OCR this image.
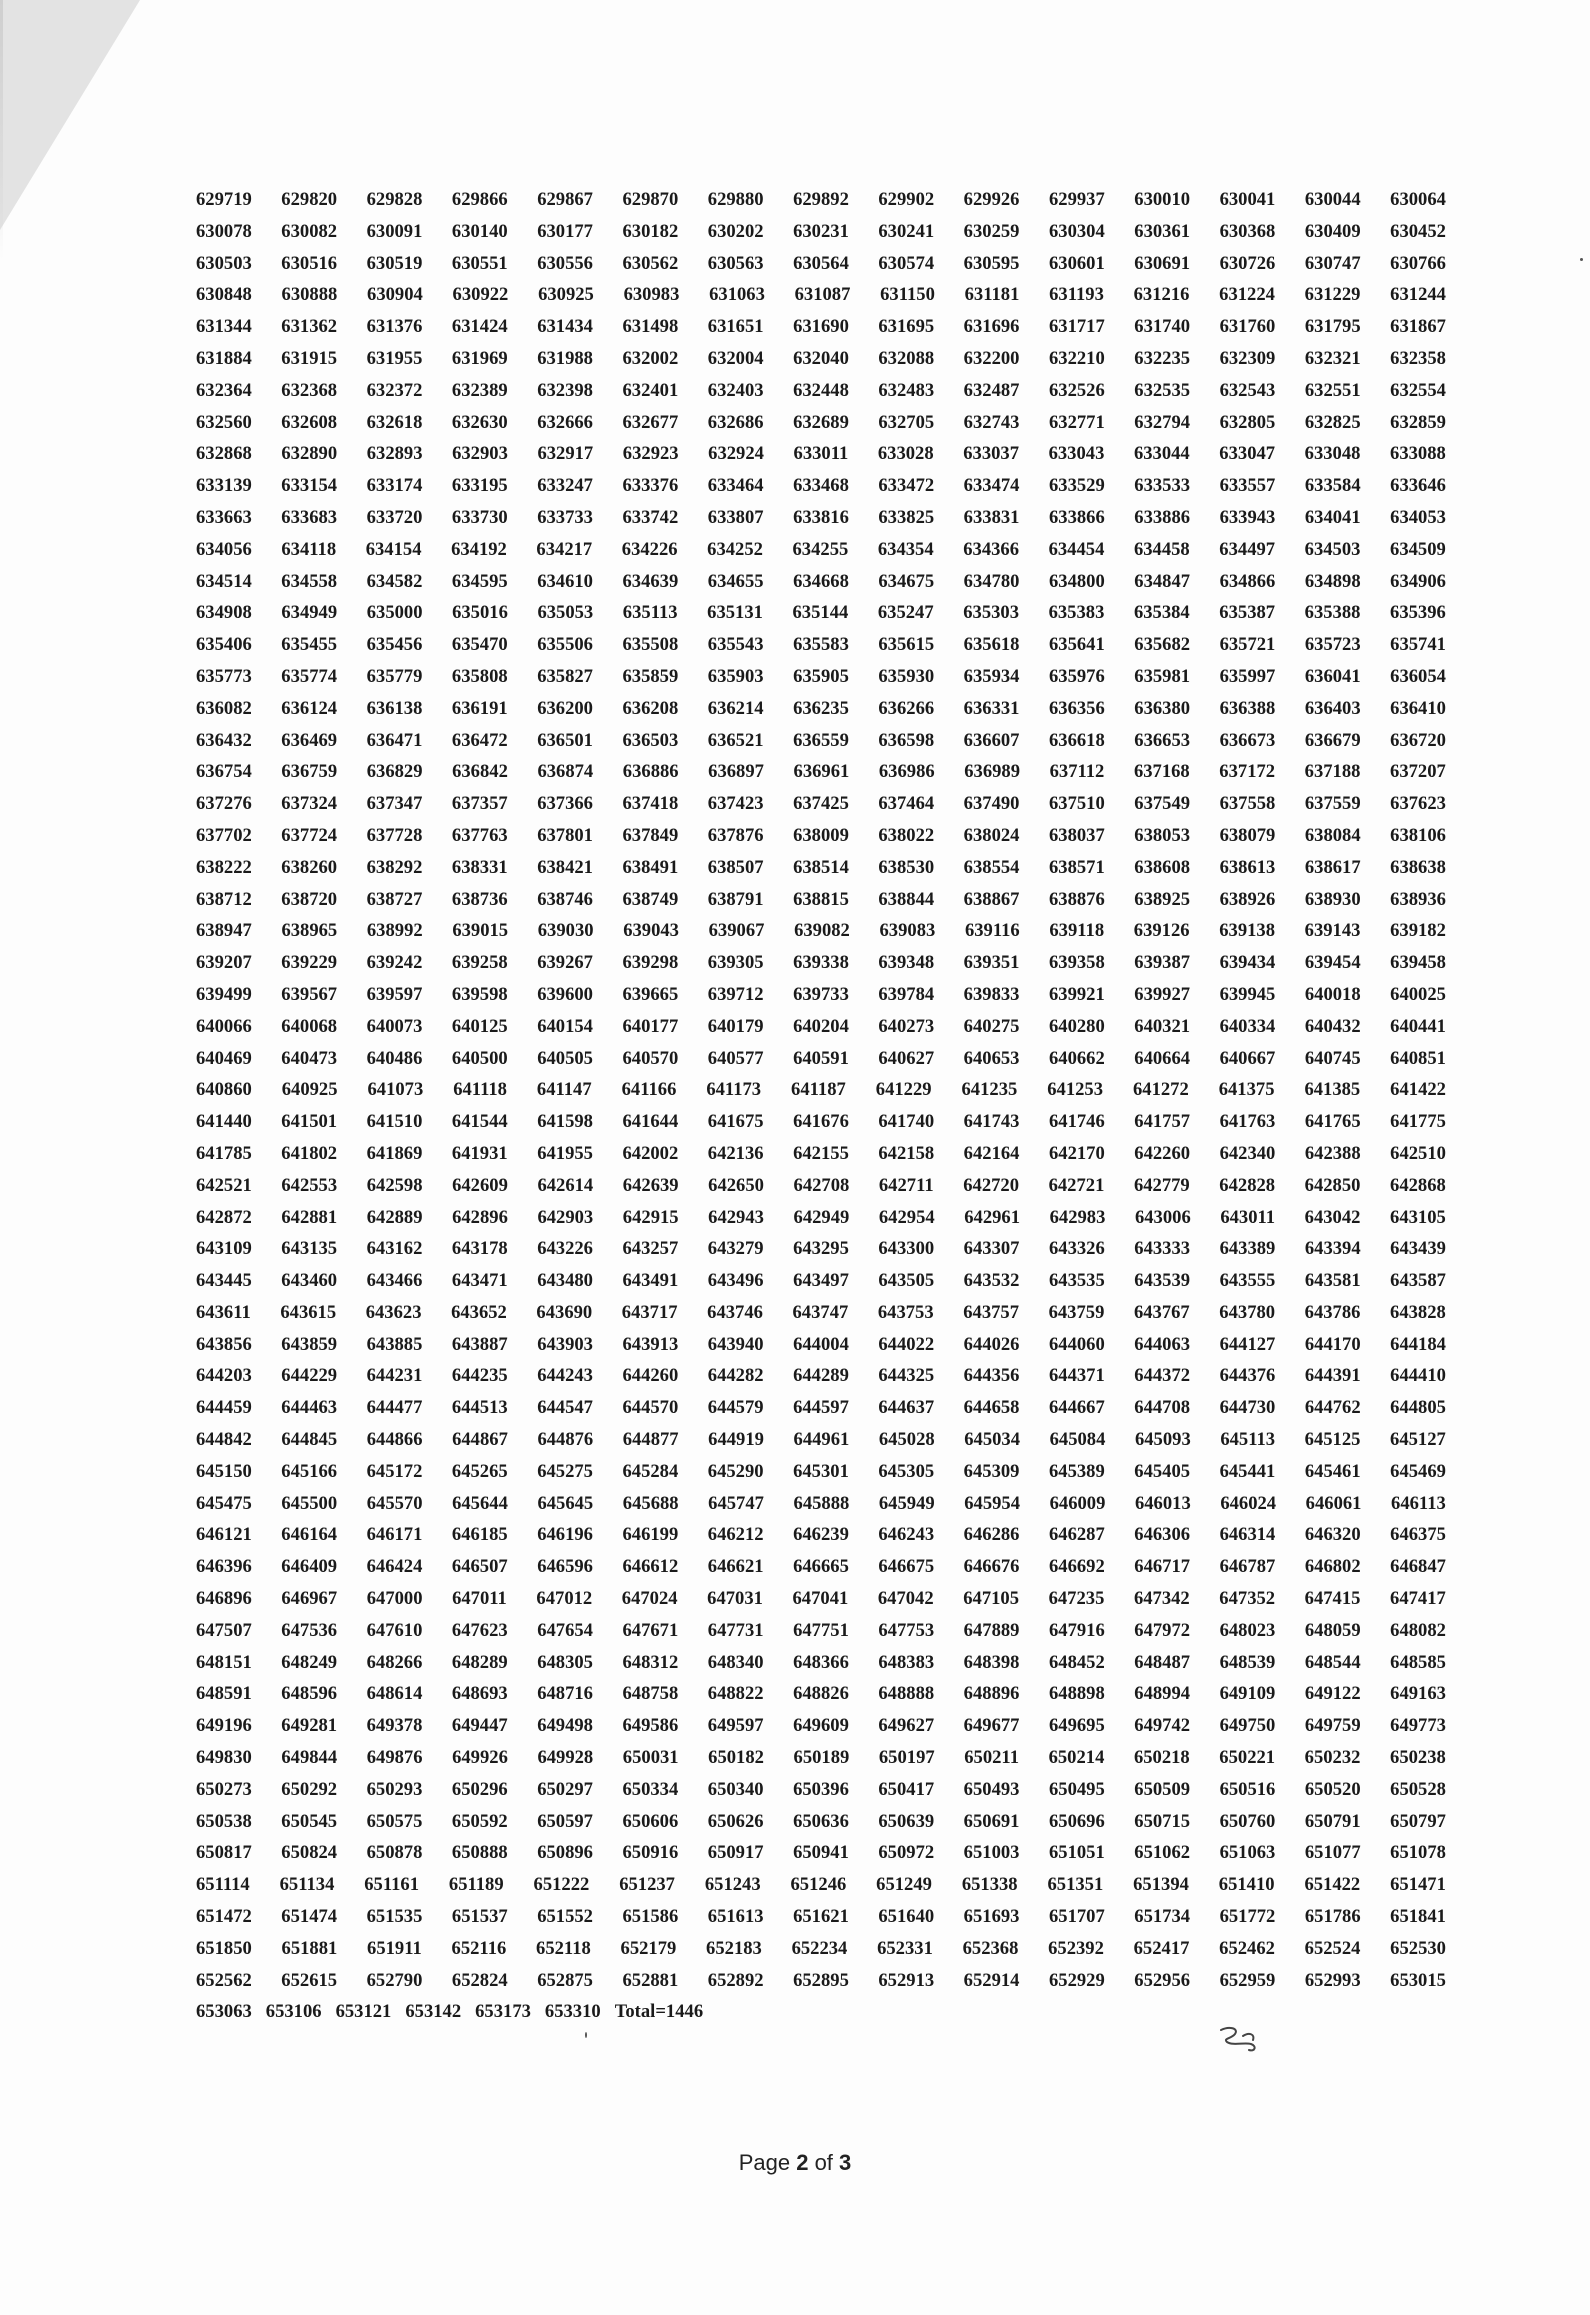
629719 629820 629828 629866 629867 629870 629880 629892 629902 629926 629937 630010 630041 630044 630064
630078 630082 630091 630140 630177 630182 630202 630231 630241 630259 630304 630361 630368 630409 630452
630503 630516 630519 630551 630556 630562 630563 630564 630574 630595 630601 630691 630726 630747 630766
630848 630888 630904 630922 630925 630983 631063 631087 631150 631181 631193 631216 631224 631229 631244
631344 631362 631376 631424 631434 631498 631651 631690 631695 631696 631717 631740 631760 631795 631867
631884 631915 631955 631969 631988 632002 632004 632040 632088 632200 632210 632235 632309 632321 632358
632364 632368 632372 632389 632398 632401 632403 632448 632483 632487 632526 632535 632543 632551 632554
632560 632608 632618 632630 632666 632677 632686 632689 632705 632743 632771 632794 632805 632825 632859
632868 632890 632893 632903 632917 632923 632924 633011 633028 633037 633043 633044 633047 633048 633088
633139 633154 633174 633195 633247 633376 633464 633468 633472 633474 633529 633533 633557 633584 633646
633663 633683 633720 633730 633733 633742 633807 633816 633825 633831 633866 633886 633943 634041 634053
634056 634118 634154 634192 634217 634226 634252 634255 634354 634366 634454 634458 634497 634503 634509
634514 634558 634582 634595 634610 634639 634655 634668 634675 634780 634800 634847 634866 634898 634906
634908 634949 635000 635016 635053 635113 635131 635144 635247 635303 635383 635384 635387 635388 635396
635406 635455 635456 635470 635506 635508 635543 635583 635615 635618 635641 635682 635721 635723 635741
635773 635774 635779 635808 635827 635859 635903 635905 635930 635934 635976 635981 635997 636041 636054
636082 636124 636138 636191 636200 636208 636214 636235 636266 636331 636356 636380 636388 636403 636410
636432 636469 636471 636472 636501 636503 636521 636559 636598 636607 636618 636653 636673 636679 636720
636754 636759 636829 636842 636874 636886 636897 636961 636986 636989 637112 637168 637172 637188 637207
637276 637324 637347 637357 637366 637418 637423 637425 637464 637490 637510 637549 637558 637559 637623
637702 637724 637728 637763 637801 637849 637876 638009 638022 638024 638037 638053 638079 638084 638106
638222 638260 638292 638331 638421 638491 638507 638514 638530 638554 638571 638608 638613 638617 638638
638712 638720 638727 638736 638746 638749 638791 638815 638844 638867 638876 638925 638926 638930 638936
638947 638965 638992 639015 639030 639043 639067 639082 639083 639116 639118 639126 639138 639143 639182
639207 639229 639242 639258 639267 639298 639305 639338 639348 639351 639358 639387 639434 639454 639458
639499 639567 639597 639598 639600 639665 639712 639733 639784 639833 639921 639927 639945 640018 640025
640066 640068 640073 640125 640154 640177 640179 640204 640273 640275 640280 640321 640334 640432 640441
640469 640473 640486 640500 640505 640570 640577 640591 640627 640653 640662 640664 640667 640745 640851
640860 640925 641073 641118 641147 641166 641173 641187 641229 641235 641253 641272 641375 641385 641422
641440 641501 641510 641544 641598 641644 641675 641676 641740 641743 641746 641757 641763 641765 641775
641785 641802 641869 641931 641955 642002 642136 642155 642158 642164 642170 642260 642340 642388 642510
642521 642553 642598 642609 642614 642639 642650 642708 642711 642720 642721 642779 642828 642850 642868
642872 642881 642889 642896 642903 642915 642943 642949 642954 642961 642983 643006 643011 643042 643105
643109 643135 643162 643178 643226 643257 643279 643295 643300 643307 643326 643333 643389 643394 643439
643445 643460 643466 643471 643480 643491 643496 643497 643505 643532 643535 643539 643555 643581 643587
643611 643615 643623 643652 643690 643717 643746 643747 643753 643757 643759 643767 643780 643786 643828
643856 643859 643885 643887 643903 643913 643940 644004 644022 644026 644060 644063 644127 644170 644184
644203 644229 644231 644235 644243 644260 644282 644289 644325 644356 644371 644372 644376 644391 644410
644459 644463 644477 644513 644547 644570 644579 644597 644637 644658 644667 644708 644730 644762 644805
644842 644845 644866 644867 644876 644877 644919 644961 645028 645034 645084 645093 645113 645125 645127
645150 645166 645172 645265 645275 645284 645290 645301 645305 645309 645389 645405 645441 645461 645469
645475 645500 645570 645644 645645 645688 645747 645888 645949 645954 646009 646013 646024 646061 646113
646121 646164 646171 646185 646196 646199 646212 646239 646243 646286 646287 646306 646314 646320 646375
646396 646409 646424 646507 646596 646612 646621 646665 646675 646676 646692 646717 646787 646802 646847
646896 646967 647000 647011 647012 647024 647031 647041 647042 647105 647235 647342 647352 647415 647417
647507 647536 647610 647623 647654 647671 647731 647751 647753 647889 647916 647972 648023 648059 648082
648151 648249 648266 648289 648305 648312 648340 648366 648383 648398 648452 648487 648539 648544 648585
648591 648596 648614 648693 648716 648758 648822 648826 648888 648896 648898 648994 649109 649122 649163
649196 649281 649378 649447 649498 649586 649597 649609 649627 649677 649695 649742 649750 649759 649773
649830 649844 649876 649926 649928 650031 650182 650189 650197 650211 650214 650218 650221 650232 650238
650273 650292 650293 650296 650297 650334 650340 650396 650417 650493 650495 650509 650516 650520 650528
650538 650545 650575 650592 650597 650606 650626 650636 650639 650691 650696 650715 650760 650791 650797
650817 650824 650878 650888 650896 650916 650917 650941 650972 651003 651051 651062 651063 651077 651078
651114 651134 651161 651189 651222 651237 651243 651246 651249 651338 651351 651394 651410 651422 651471
651472 651474 651535 651537 651552 651586 651613 651621 651640 651693 651707 651734 651772 651786 651841
651850 651881 651911 652116 652118 652179 652183 652234 652331 652368 652392 652417 652462 652524 652530
652562 652615 652790 652824 652875 652881 652892 652895 652913 652914 652929 652956 652959 652993 653015
653063 653106 653121 653142 653173 653310 Total=1446
Page 2 of 3
